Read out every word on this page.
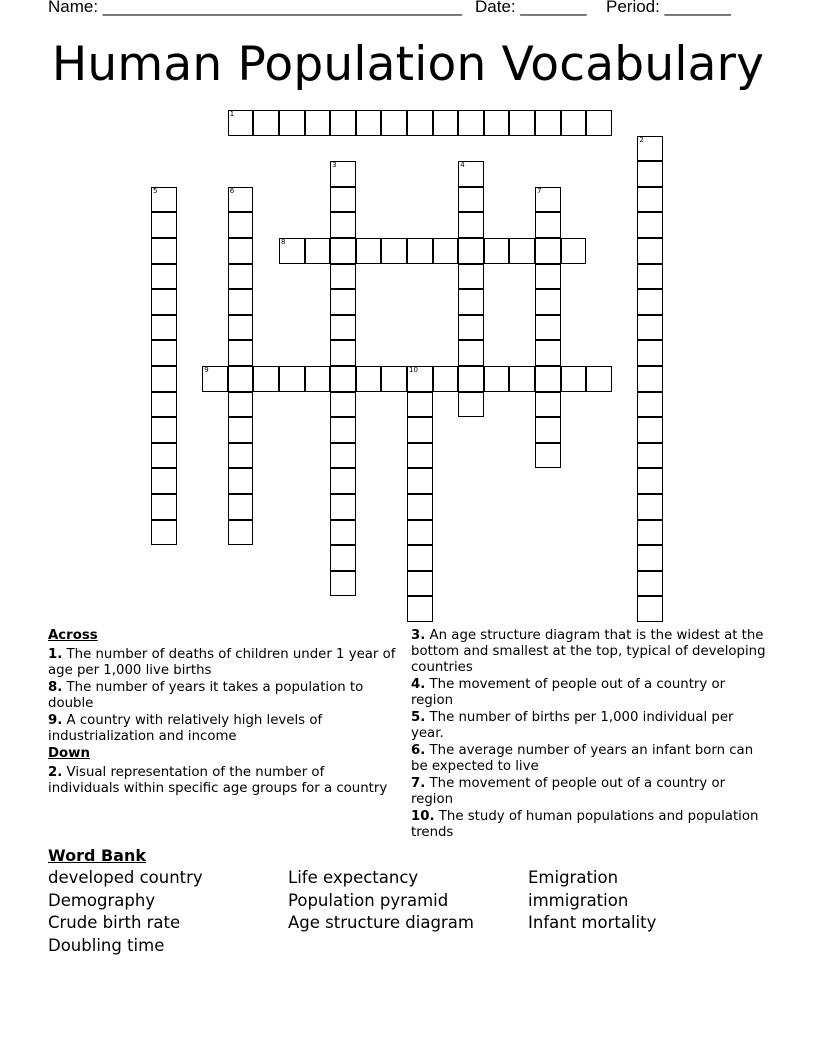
Name: ______________________________________ Date: _______ Period: _______
Human Population Vocabulary
1
2
3	4
5	6	7
8
9	10
Across
1. The number of deaths of children under 1 year of age per 1,000 live births
8. The number of years it takes a population to double
9. A country with relatively high levels of industrialization and income
Down
2. Visual representation of the number of individuals within specific age groups for a country
3. An age structure diagram that is the widest at the bottom and smallest at the top, typical of developing countries
4. The movement of people out of a country or region
5. The number of births per 1,000 individual per year.
6. The average number of years an infant born can be expected to live
7. The movement of people out of a country or region
10. The study of human populations and population trends
Word Bank
developed country	Life expectancy	Emigration
Demography	Population pyramid	immigration
Crude birth rate	Age structure diagram	Infant mortality
Doubling time
